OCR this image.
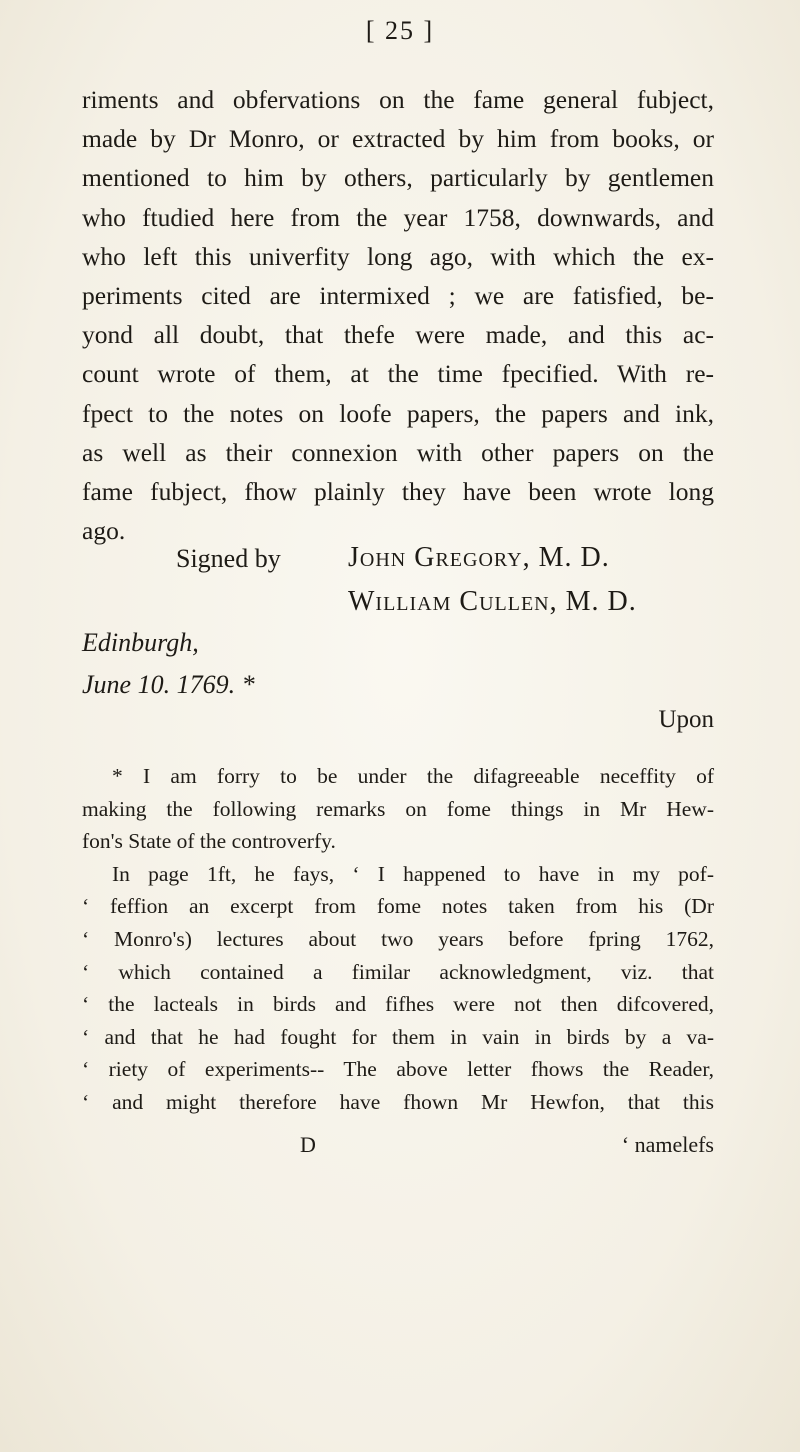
[ 25 ]
riments and obfervations on the fame general fubject,
made by Dr Monro, or extracted by him from books, or
mentioned to him by others, particularly by gentlemen
who ftudied here from the year 1758, downwards, and
who left this univerfity long ago, with which the ex-
periments cited are intermixed ; we are fatisfied, be-
yond all doubt, that thefe were made, and this ac-
count wrote of them, at the time fpecified. With re-
fpect to the notes on loofe papers, the papers and ink,
as well as their connexion with other papers on the
fame fubject, fhow plainly they have been wrote long
ago.
Signed by John Gregory, M. D.
William Cullen, M. D.
Edinburgh,
June 10. 1769. *
Upon
* I am forry to be under the difagreeable neceffity of
making the following remarks on fome things in Mr Hew-
fon's State of the controverfy.
In page 1ft, he fays, ‘ I happened to have in my pof-
‘ feffion an excerpt from fome notes taken from his (Dr
‘ Monro's) lectures about two years before fpring 1762,
‘ which contained a fimilar acknowledgment, viz. that
‘ the lacteals in birds and fifhes were not then difcovered,
‘ and that he had fought for them in vain in birds by a va-
‘ riety of experiments-- The above letter fhows the Reader,
‘ and might therefore have fhown Mr Hewfon, that this
D	‘ namelefs
